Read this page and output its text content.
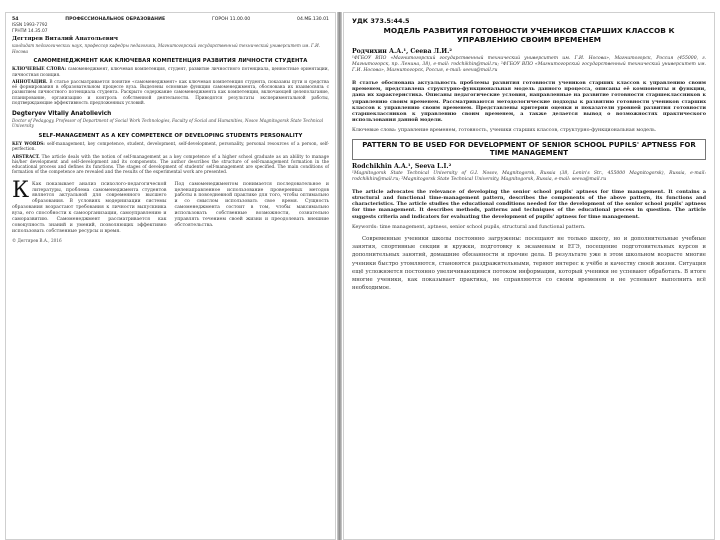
54	ПРОФЕССИОНАЛЬНОЕ ОБРАЗОВАНИЕ	ГОРОН 11.00.00	04.МБ.130.01
ISSN 1993-7792
ГРНТИ 14.35.07
Дегтярев Виталий Анатольевич
кандидат педагогических наук, профессор кафедры педагогики, Магнитогорский государственный технический университет им. Г.И. Носова
САМОМЕНЕДЖМЕНТ КАК КЛЮЧЕВАЯ КОМПЕТЕНЦИЯ РАЗВИТИЯ ЛИЧНОСТИ СТУДЕНТА
КЛЮЧЕВЫЕ СЛОВА: самоменеджмент, ключевая компетенция, студент, развитие личностного потенциала, ценностные ориентации, личностная позиция.
АННОТАЦИЯ. В статье рассматривается понятие «самоменеджмент» как ключевая компетенция студента, показаны пути и средства её формирования в образовательном процессе вуза. Выделены основные функции самоменеджмента, обоснована их взаимосвязь с развитием личностного потенциала студента. Раскрыто содержание самоменеджмента как компетенции, включающей целеполагание, планирование, организацию и контроль собственной деятельности. Приводятся результаты экспериментальной работы, подтверждающие эффективность предложенных условий.
Degteryev Vitaliy Anatolievich
Doctor of Pedagogy, Professor of Department of Social Work Technologies, Faculty of Social and Humanities, Nosov Magnitogorsk State Technical University
SELF-MANAGEMENT AS A KEY COMPETENCE OF DEVELOPING STUDENTS PERSONALITY
KEY WORDS: self-management, key competence, student, development, self-development, personality, personal resources of a person, self-perfection.
ABSTRACT. The article deals with the notion of self-management as a key competence of a higher school graduate as an ability to manage his/her development and self-development and its components. The author describes the structure of self-management formation in the educational process and defines its functions. The stages of development of students' self-management are specified. The main conditions of formation of the competence are revealed and the results of the experimental work are presented.
К Как показывает анализ психолого-педагогической литературы, проблема самоменеджмента студентов является актуальной для современного высшего образования. В условиях модернизации системы образования возрастают требования к личности выпускника вуза, его способности к самоорганизации, самоуправлению и саморазвитию. Самоменеджмент рассматривается как совокупность знаний и умений, позволяющих эффективно использовать собственные ресурсы и время.
Под самоменеджментом понимается последовательное и целенаправленное использование проверенных методов работы в повседневной практике для того, чтобы оптимально и со смыслом использовать свое время. Сущность самоменеджмента состоит в том, чтобы максимально использовать собственные возможности, сознательно управлять течением своей жизни и преодолевать внешние обстоятельства.
© Дегтярев В.А., 2016
УДК 373.5:44.5
МОДЕЛЬ РАЗВИТИЯ ГОТОВНОСТИ УЧЕНИКОВ СТАРШИХ КЛАССОВ К УПРАВЛЕНИЮ СВОИМ ВРЕМЕНЕМ
Родчихин А.А.¹, Сеева Л.И.²
¹ФГБОУ ВПО «Магнитогорский государственный технический университет им. Г.И. Носова», Магнитогорск, Россия (455000, г. Магнитогорск, пр. Ленина, 38), e-mail: rodchikhin@mail.ru; ²ФГБОУ ВПО «Магнитогорский государственный технический университет им. Г.И. Носова», Магнитогорск, Россия, e-mail: seeva@mail.ru
В статье обоснована актуальность проблемы развития готовности учеников старших классов к управлению своим временем, представлена структурно-функциональная модель данного процесса, описаны её компоненты и функции, дана их характеристика. Описаны педагогические условия, направленные на развитие готовности старшеклассников к управлению своим временем. Рассматриваются методологические подходы к развитию готовности учеников старших классов к управлению своим временем. Представлены критерии оценки и показатели уровней развития готовности старшеклассников к управлению своим временем, а также делается вывод о возможностях практического использования данной модели.
Ключевые слова: управление временем, готовность, ученики старших классов, структурно-функциональная модель.
PATTERN TO BE USED FOR DEVELOPMENT OF SENIOR SCHOOL PUPILS' APTNESS FOR TIME MANAGEMENT
Rodchikhin A.A.¹, Seeva L.I.²
¹Magnitogorsk State Technical University of G.I. Nosov, Magnitogorsk, Russia (38, Lenin's Str., 455000 Magnitogorsk), Russia, e-mail: rodchikhin@mail.ru; ²Magnitogorsk State Technical University, Magnitogorsk, Russia, e-mail: seeva@mail.ru
The article advocates the relevance of developing the senior school pupils' aptness for time management. It contains a structural and functional time-management pattern, describes the components of the above pattern, its functions and characteristics. The article studies the educational conditions needed for the development of the senior school pupils' aptness for time management. It describes methods, patterns and techniques of the educational process in question. The article suggests criteria and indicators for evaluating the development of pupils' aptness for time management.
Keywords: time management, aptness, senior school pupils, structural and functional pattern.
Современные ученики школы постоянно загружены: посещают не только школу, но и дополнительные учебные занятия, спортивные секции и кружки, подготовку к экзаменам и ЕГЭ, посещение подготовительных курсов и дополнительных занятий, домашние обязанности и прочие дела. В результате уже в этом школьном возрасте многие ученики быстро утомляются, становятся раздражительными, теряют интерес к учёбе и качеству своей жизни. Ситуация ещё усложняется постоянно увеличивающимся потоком информации, который ученики не успевают обработать. В итоге многие ученики, как показывает практика, не справляются со своим временем и не успевают выполнить всё необходимое.
